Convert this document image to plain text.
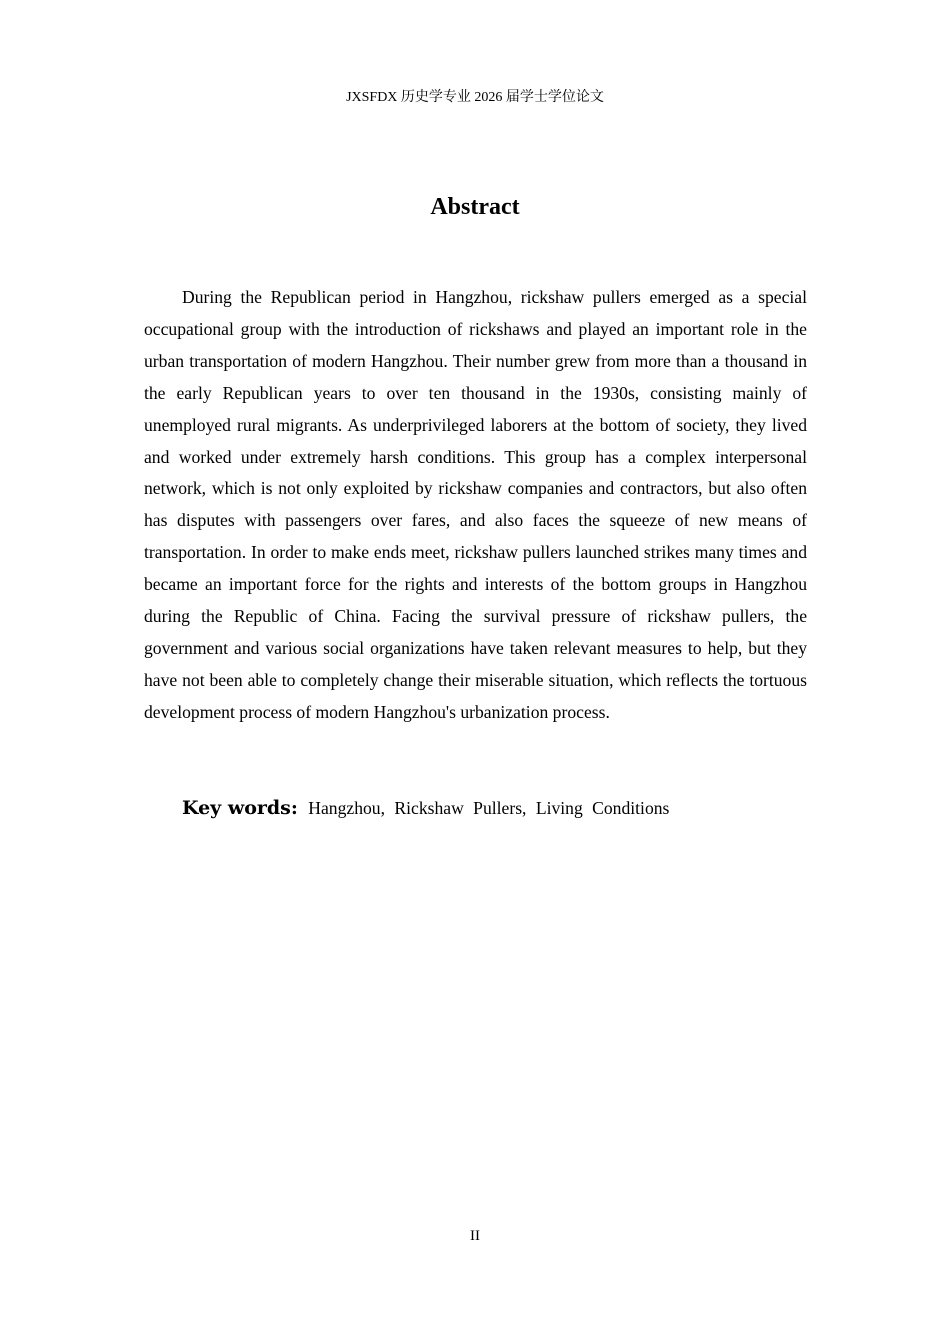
JXSFDX 历史学专业 2026 届学士学位论文
Abstract

During the Republican period in Hangzhou, rickshaw pullers emerged as a special occupational group with the introduction of rickshaws and played an important role in the urban transportation of modern Hangzhou. Their number grew from more than a thousand in the early Republican years to over ten thousand in the 1930s, consisting mainly of unemployed rural migrants. As underprivileged laborers at the bottom of society, they lived and worked under extremely harsh conditions. This group has a complex interpersonal network, which is not only exploited by rickshaw companies and contractors, but also often has disputes with passengers over fares, and also faces the squeeze of new means of transportation. In order to make ends meet, rickshaw pullers launched strikes many times and became an important force for the rights and interests of the bottom groups in Hangzhou during the Republic of China. Facing the survival pressure of rickshaw pullers, the government and various social organizations have taken relevant measures to help, but they have not been able to completely change their miserable situation, which reflects the tortuous development process of modern Hangzhou's urbanization process.

Key words: Hangzhou, Rickshaw Pullers, Living Conditions
II
